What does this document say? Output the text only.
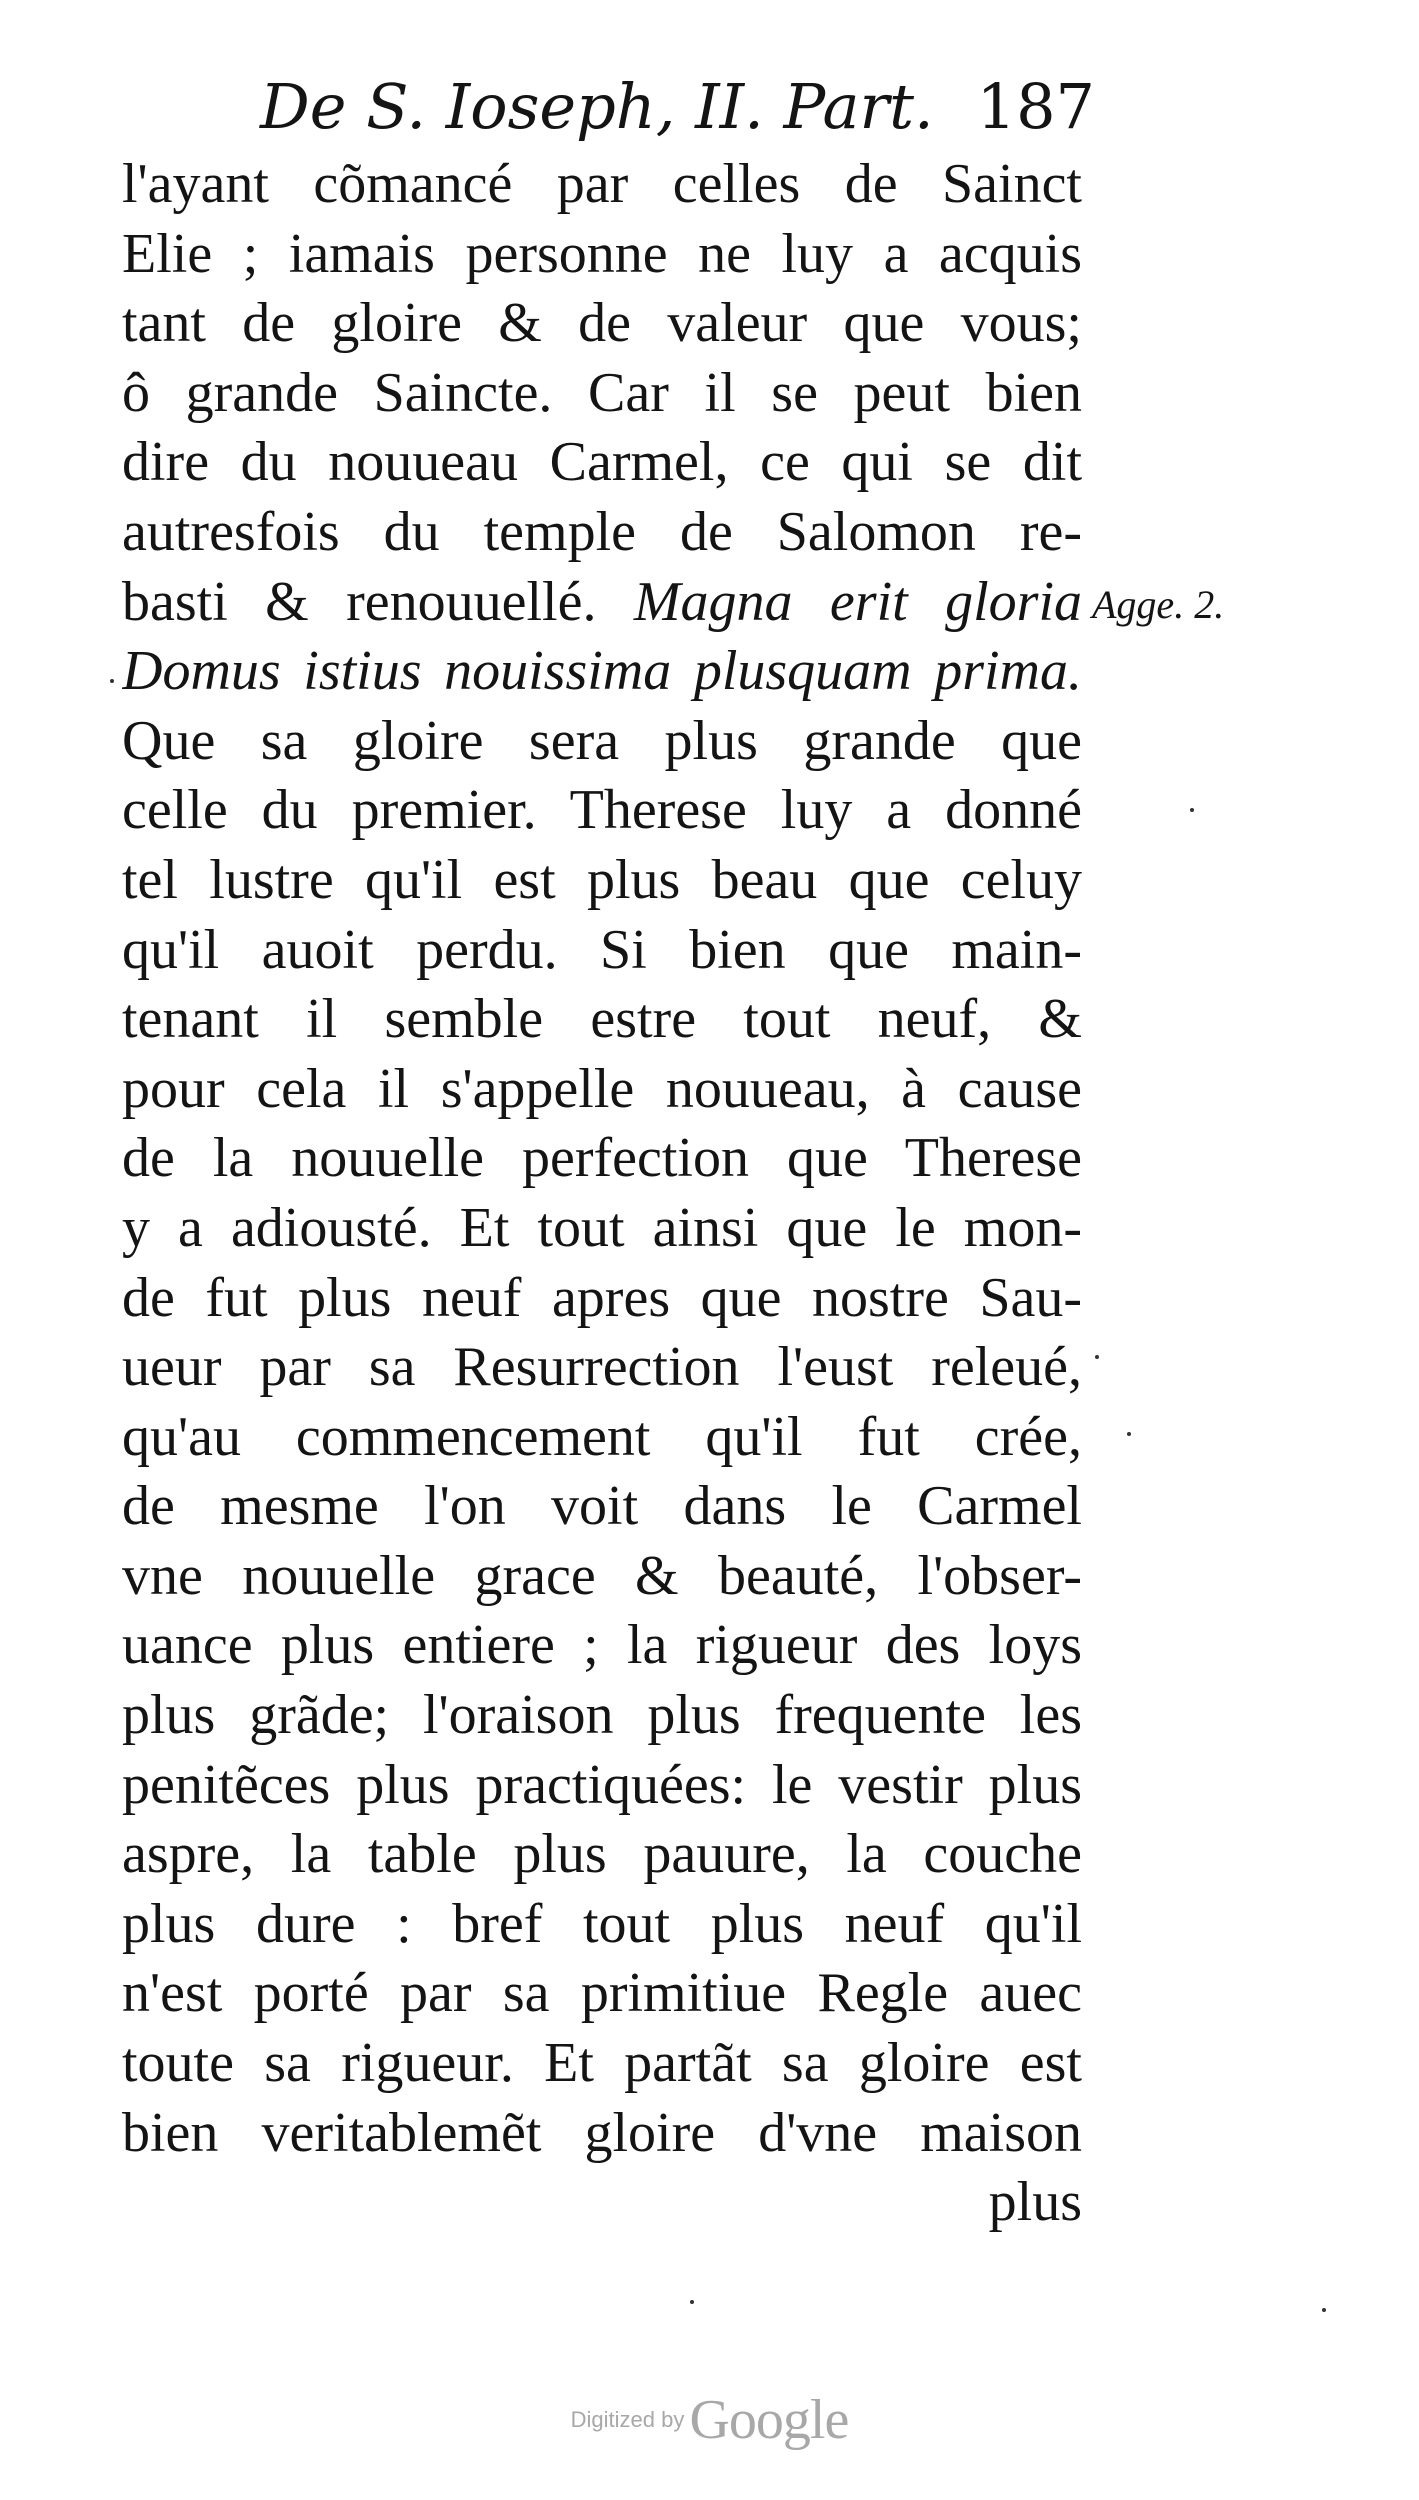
De S. Ioseph, II. Part. 187
l'ayant cõmancé par celles de Sainct
Elie ; iamais personne ne luy a acquis
tant de gloire & de valeur que vous;
ô grande Saincte. Car il se peut bien
dire du nouueau Carmel, ce qui se dit
autresfois du temple de Salomon re-
basti & renouuellé. Magna erit gloria
Domus istius nouissima plusquam prima.
Que sa gloire sera plus grande que
celle du premier. Therese luy a donné
tel lustre qu'il est plus beau que celuy
qu'il auoit perdu. Si bien que main-
tenant il semble estre tout neuf, &
pour cela il s'appelle nouueau, à cause
de la nouuelle perfection que Therese
y a adiousté. Et tout ainsi que le mon-
de fut plus neuf apres que nostre Sau-
ueur par sa Resurrection l'eust releué,
qu'au commencement qu'il fut crée,
de mesme l'on voit dans le Carmel
vne nouuelle grace & beauté, l'obser-
uance plus entiere ; la rigueur des loys
plus grãde; l'oraison plus frequente les
penitẽces plus practiquées: le vestir plus
aspre, la table plus pauure, la couche
plus dure : bref tout plus neuf qu'il
n'est porté par sa primitiue Regle auec
toute sa rigueur. Et partãt sa gloire est
bien veritablemẽt gloire d'vne maison
plus
Agge. 2.
Digitized by Google
